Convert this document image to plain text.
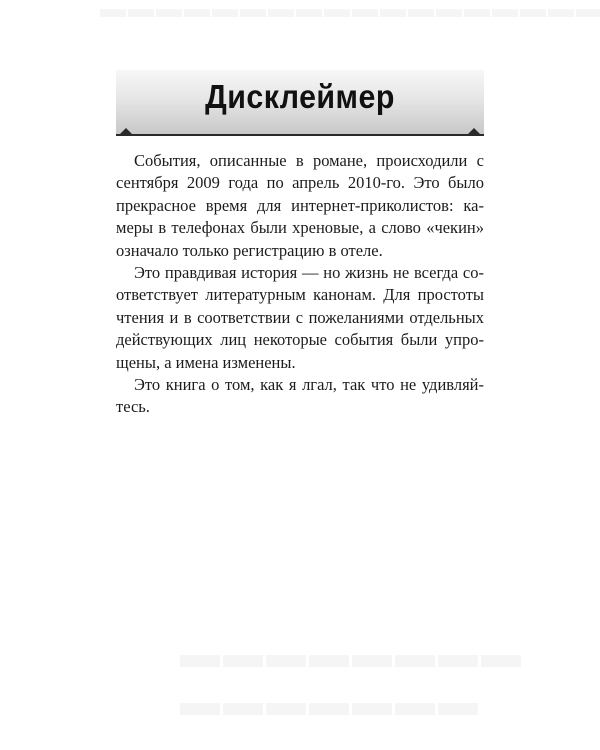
Дисклеймер
События, описанные в романе, происходили с
сентября 2009 года по апрель 2010-го. Это было
прекрасное время для интернет-приколистов: ка-
меры в телефонах были хреновые, а слово «чекин»
означало только регистрацию в отеле.
Это правдивая история — но жизнь не всегда со-
ответствует литературным канонам. Для простоты
чтения и в соответствии с пожеланиями отдельных
действующих лиц некоторые события были упро-
щены, а имена изменены.
Это книга о том, как я лгал, так что не удивляй-
тесь.
